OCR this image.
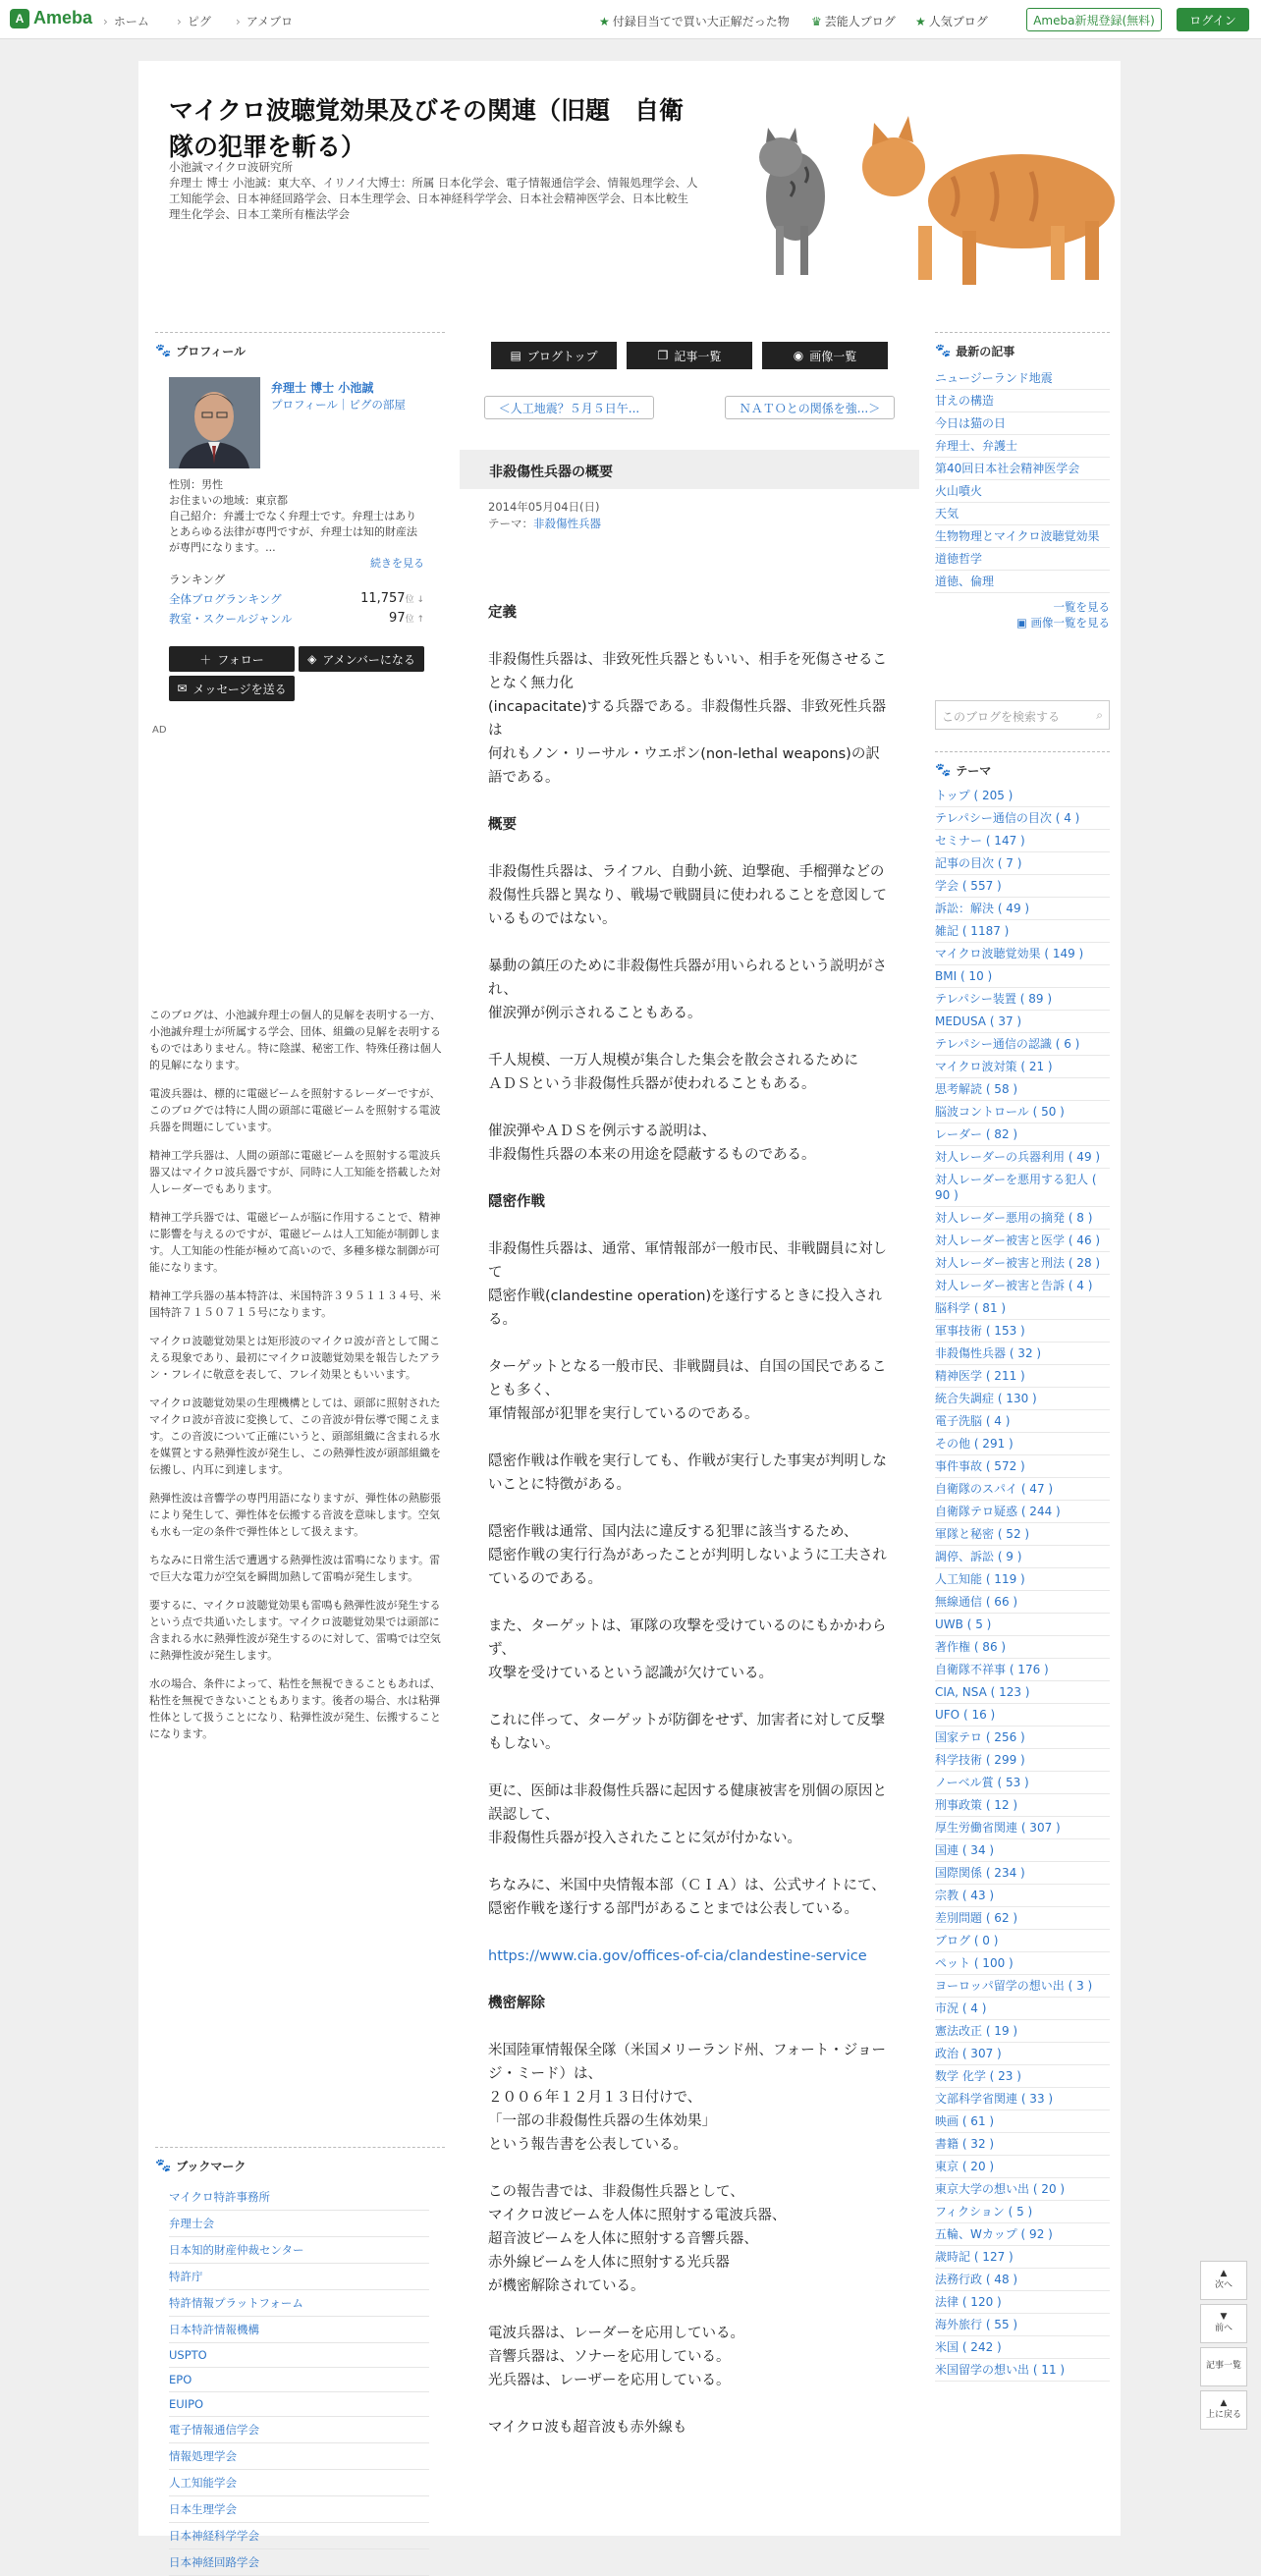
A Ameba › ホーム › ピグ › アメブロ	★ 付録目当てで買い大正解だった物 ♛ 芸能人ブログ ★ 人気ブログ	Ameba新規登録(無料)	ログイン
マイクロ波聴覚効果及びその関連（旧題　自衛隊の犯罪を斬る）
小池誠マイクロ波研究所
弁理士 博士 小池誠：東大卒、イリノイ大博士：所属 日本化学会、電子情報通信学会、情報処理学会、人工知能学会、日本神経回路学会、日本生理学会、日本神経科学学会、日本社会精神医学会、日本比較生理生化学会、日本工業所有権法学会
🐾 プロフィール
弁理士 博士 小池誠
プロフィール｜ピグの部屋
性別：男性
お住まいの地域：東京都
自己紹介：弁護士でなく弁理士です。弁理士はありとあらゆる法律が専門ですが、弁理士は知的財産法が専門になります。...
続きを見る
ランキング
全体ブログランキング	11,757位 ↓
教室・スクールジャンル	97位 ↑
＋ フォロー	◈ アメンバーになる
✉ メッセージを送る
AD

このブログは、小池誠弁理士の個人的見解を表明する一方、小池誠弁理士が所属する学会、団体、組織の見解を表明するものではありません。特に陰謀、秘密工作、特殊任務は個人的見解になります。

電波兵器は、標的に電磁ビームを照射するレーダーですが、このブログでは特に人間の頭部に電磁ビームを照射する電波兵器を問題にしています。

精神工学兵器は、人間の頭部に電磁ビームを照射する電波兵器又はマイクロ波兵器ですが、同時に人工知能を搭載した対人レーダーでもあります。

精神工学兵器では、電磁ビームが脳に作用することで、精神に影響を与えるのですが、電磁ビームは人工知能が制御します。人工知能の性能が極めて高いので、多種多様な制御が可能になります。

精神工学兵器の基本特許は、米国特許３９５１１３４号、米国特許７１５０７１５号になります。

マイクロ波聴覚効果とは矩形波のマイクロ波が音として聞こえる現象であり、最初にマイクロ波聴覚効果を報告したアラン・フレイに敬意を表して、フレイ効果ともいいます。

マイクロ波聴覚効果の生理機構としては、頭部に照射されたマイクロ波が音波に変換して、この音波が骨伝導で聞こえます。この音波について正確にいうと、頭部組織に含まれる水を媒質とする熱弾性波が発生し、この熱弾性波が頭部組織を伝搬し、内耳に到達します。

熱弾性波は音響学の専門用語になりますが、弾性体の熱膨張により発生して、弾性体を伝搬する音波を意味します。空気も水も一定の条件で弾性体として扱えます。

ちなみに日常生活で遭遇する熱弾性波は雷鳴になります。雷で巨大な電力が空気を瞬間加熱して雷鳴が発生します。

要するに、マイクロ波聴覚効果も雷鳴も熱弾性波が発生するという点で共通いたします。マイクロ波聴覚効果では頭部に含まれる水に熱弾性波が発生するのに対して、雷鳴では空気に熱弾性波が発生します。

水の場合、条件によって、粘性を無視できることもあれば、粘性を無視できないこともあります。後者の場合、水は粘弾性体として扱うことになり、粘弾性波が発生、伝搬することになります。

🐾 ブックマーク
マイクロ特許事務所
弁理士会
日本知的財産仲裁センター
特許庁
特許情報プラットフォーム
日本特許情報機構
USPTO
EPO
EUIPO
電子情報通信学会
情報処理学会
人工知能学会
日本生理学会
日本神経科学学会
日本神経回路学会
▤ ブログトップ	❐ 記事一覧	◉ 画像一覧
＜人工地震？５月５日午...	ＮＡＴＯとの関係を強...＞
非殺傷性兵器の概要
2014年05月04日(日)
テーマ：非殺傷性兵器
定義
非殺傷性兵器は、非致死性兵器ともいい、相手を死傷させることなく無力化
(incapacitate)する兵器である。非殺傷性兵器、非致死性兵器は
何れもノン・リーサル・ウエポン(non-lethal weapons)の訳語である。
概要
非殺傷性兵器は、ライフル、自動小銃、迫撃砲、手榴弾などの殺傷性兵器と異なり、戦場で戦闘員に使われることを意図しているものではない。
暴動の鎮圧のために非殺傷性兵器が用いられるという説明がされ、
催涙弾が例示されることもある。
千人規模、一万人規模が集合した集会を散会されるために
ＡＤＳという非殺傷性兵器が使われることもある。
催涙弾やＡＤＳを例示する説明は、
非殺傷性兵器の本来の用途を隠蔽するものである。
隠密作戦
非殺傷性兵器は、通常、軍情報部が一般市民、非戦闘員に対して
隠密作戦(clandestine operation)を遂行するときに投入される。
ターゲットとなる一般市民、非戦闘員は、自国の国民であることも多く、
軍情報部が犯罪を実行しているのである。
隠密作戦は作戦を実行しても、作戦が実行した事実が判明しないことに特徴がある。
隠密作戦は通常、国内法に違反する犯罪に該当するため、
隠密作戦の実行行為があったことが判明しないように工夫されているのである。
また、ターゲットは、軍隊の攻撃を受けているのにもかかわらず、
攻撃を受けているという認識が欠けている。
これに伴って、ターゲットが防御をせず、加害者に対して反撃もしない。
更に、医師は非殺傷性兵器に起因する健康被害を別個の原因と誤認して、
非殺傷性兵器が投入されたことに気が付かない。
ちなみに、米国中央情報本部（ＣＩＡ）は、公式サイトにて、
隠密作戦を遂行する部門があることまでは公表している。
https://www.cia.gov/offices-of-cia/clandestine-service
機密解除
米国陸軍情報保全隊（米国メリーランド州、フォート・ジョージ・ミード）は、
２００６年１２月１３日付けで、
「一部の非殺傷性兵器の生体効果」
という報告書を公表している。
この報告書では、非殺傷性兵器として、
マイクロ波ビームを人体に照射する電波兵器、
超音波ビームを人体に照射する音響兵器、
赤外線ビームを人体に照射する光兵器
が機密解除されている。
電波兵器は、レーダーを応用している。
音響兵器は、ソナーを応用している。
光兵器は、レーザーを応用している。
マイクロ波も超音波も赤外線も
🐾 最新の記事
ニュージーランド地震
甘えの構造
今日は猫の日
弁理士、弁護士
第40回日本社会精神医学会
火山噴火
天気
生物物理とマイクロ波聴覚効果
道徳哲学
道徳、倫理
一覧を見る
▣ 画像一覧を見る
このブログを検索する	⌕
🐾 テーマ
トップ ( 205 )
テレパシー通信の目次 ( 4 )
セミナー ( 147 )
記事の目次 ( 7 )
学会 ( 557 )
訴訟：解決 ( 49 )
雑記 ( 1187 )
マイクロ波聴覚効果 ( 149 )
BMI ( 10 )
テレパシー装置 ( 89 )
MEDUSA ( 37 )
テレパシー通信の認識 ( 6 )
マイクロ波対策 ( 21 )
思考解読 ( 58 )
脳波コントロール ( 50 )
レーダー ( 82 )
対人レーダーの兵器利用 ( 49 )
対人レーダーを悪用する犯人 ( 90 )
対人レーダー悪用の摘発 ( 8 )
対人レーダー被害と医学 ( 46 )
対人レーダー被害と刑法 ( 28 )
対人レーダー被害と告訴 ( 4 )
脳科学 ( 81 )
軍事技術 ( 153 )
非殺傷性兵器 ( 32 )
精神医学 ( 211 )
統合失調症 ( 130 )
電子洗脳 ( 4 )
その他 ( 291 )
事件事故 ( 572 )
自衛隊のスパイ ( 47 )
自衛隊テロ疑惑 ( 244 )
軍隊と秘密 ( 52 )
調停、訴訟 ( 9 )
人工知能 ( 119 )
無線通信 ( 66 )
UWB ( 5 )
著作権 ( 86 )
自衛隊不祥事 ( 176 )
CIA, NSA ( 123 )
UFO ( 16 )
国家テロ ( 256 )
科学技術 ( 299 )
ノーベル賞 ( 53 )
刑事政策 ( 12 )
厚生労働省関連 ( 307 )
国連 ( 34 )
国際関係 ( 234 )
宗教 ( 43 )
差別問題 ( 62 )
ブログ ( 0 )
ペット ( 100 )
ヨーロッパ留学の想い出 ( 3 )
市況 ( 4 )
憲法改正 ( 19 )
政治 ( 307 )
数学 化学 ( 23 )
文部科学省関連 ( 33 )
映画 ( 61 )
書籍 ( 32 )
東京 ( 20 )
東京大学の想い出 ( 20 )
フィクション ( 5 )
五輪、Wカップ ( 92 )
歳時記 ( 127 )
法務行政 ( 48 )
法律 ( 120 )
海外旅行 ( 55 )
米国 ( 242 )
米国留学の想い出 ( 11 )
▲
次へ
▼
前へ
記事一覧
▲
上に戻る
